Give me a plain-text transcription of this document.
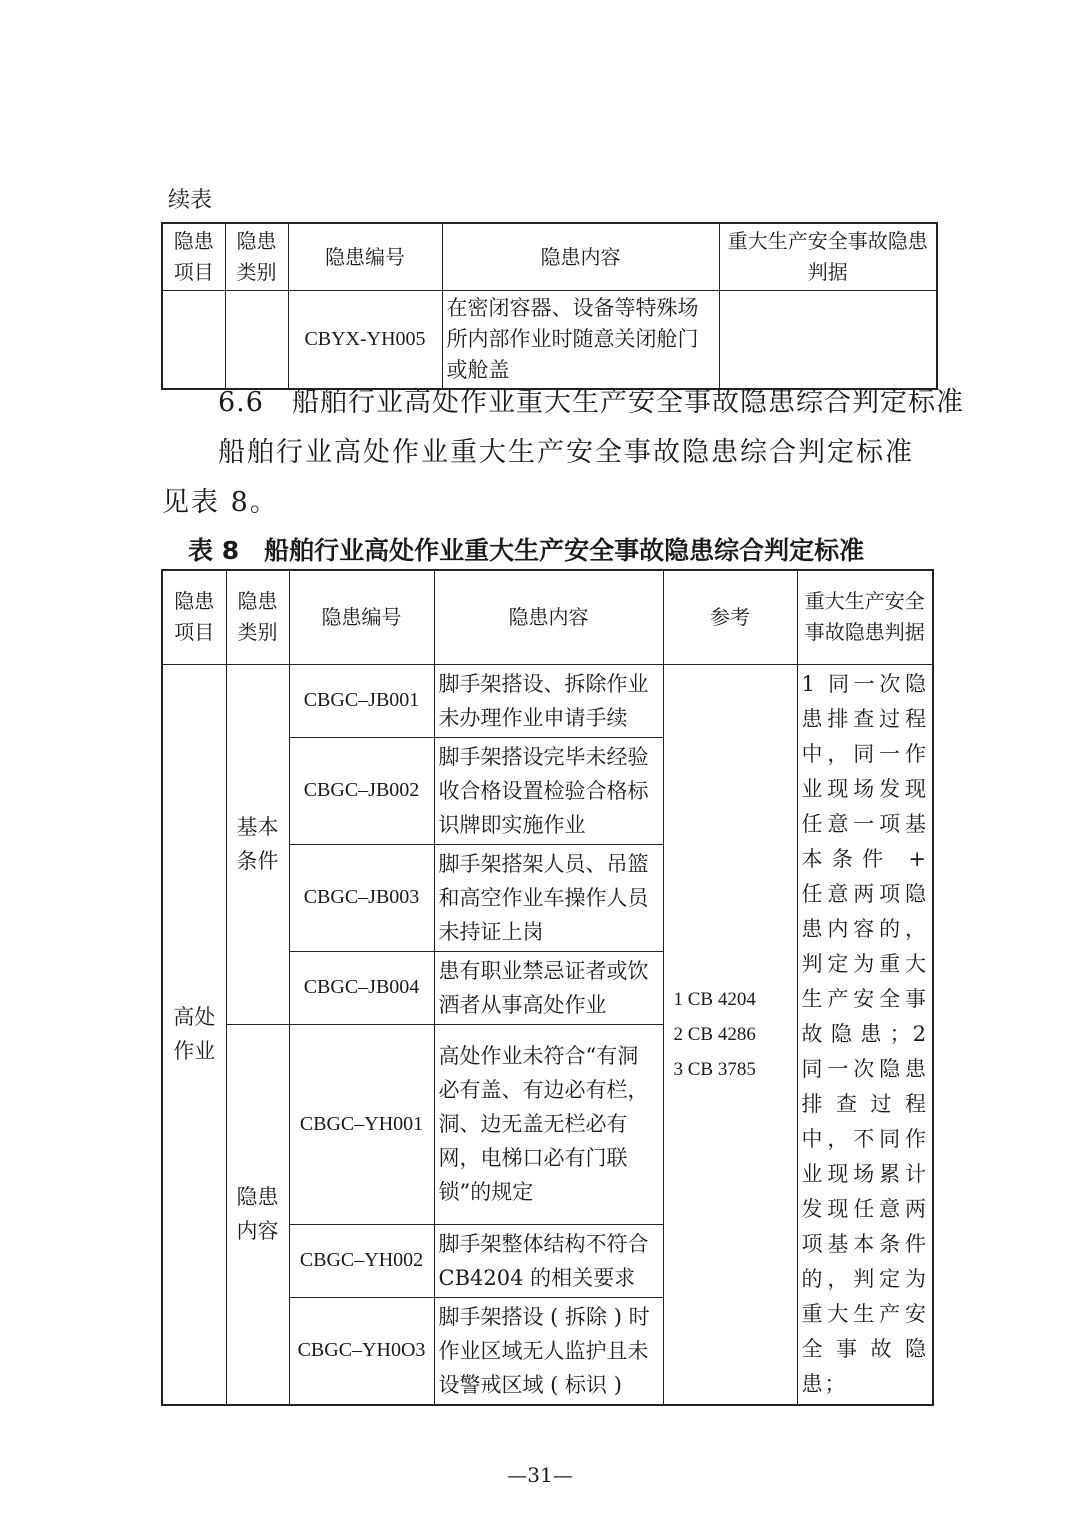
续表
隐患项目	隐患类别	隐患编号	隐患内容	重大生产安全事故隐患判据
		CBYX-YH005	在密闭容器、设备等特殊场所内部作业时随意关闭舱门或舱盖	
6.6　船舶行业高处作业重大生产安全事故隐患综合判定标准
船舶行业高处作业重大生产安全事故隐患综合判定标准见表 8。
表 8　船舶行业高处作业重大生产安全事故隐患综合判定标准
隐患项目	隐患类别	隐患编号	隐患内容	参考	重大生产安全事故隐患判据
高处作业	基本条件	CBGC–JB001	脚手架搭设、拆除作业未办理作业申请手续	1 CB 4204
2 CB 4286
3 CB 3785	1 同一次隐患排查过程中，同一作业现场发现任意一项基本条件 + 任意两项隐患内容的，判定为重大生产安全事故隐患；2 同一次隐患排查过程中，不同作业现场累计发现任意两项基本条件的，判定为重大生产安全事故隐患；
		CBGC–JB002	脚手架搭设完毕未经验收合格设置检验合格标识牌即实施作业		
		CBGC–JB003	脚手架搭架人员、吊篮和高空作业车操作人员未持证上岗		
		CBGC–JB004	患有职业禁忌证者或饮酒者从事高处作业		
	隐患内容	CBGC–YH001	高处作业未符合“有洞必有盖、有边必有栏，洞、边无盖无栏必有网，电梯口必有门联锁”的规定		
		CBGC–YH002	脚手架整体结构不符合CB4204 的相关要求		
		CBGC–YH0O3	脚手架搭设 ( 拆除 ) 时作业区域无人监护且未设警戒区域 ( 标识 )		
—31—
